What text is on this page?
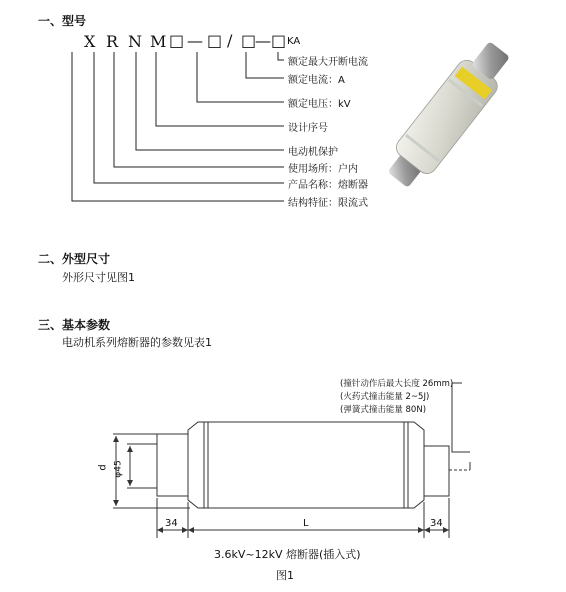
一、型号
X R N M □ — □ / □
— □ KA
额定最大开断电流
额定电流：A
额定电压：kV
设计序号
电动机保护
使用场所：户内
产品名称：熔断器
结构特征：限流式
二、外型尺寸
外形尺寸见图1
三、基本参数
电动机系列熔断器的参数见表1
d φ45
34	L	34
(撞针动作后最大长度 26mm)
(火药式撞击能量 2~5J)
(弹簧式撞击能量 80N)
3.6kV~12kV 熔断器(插入式)
图1
